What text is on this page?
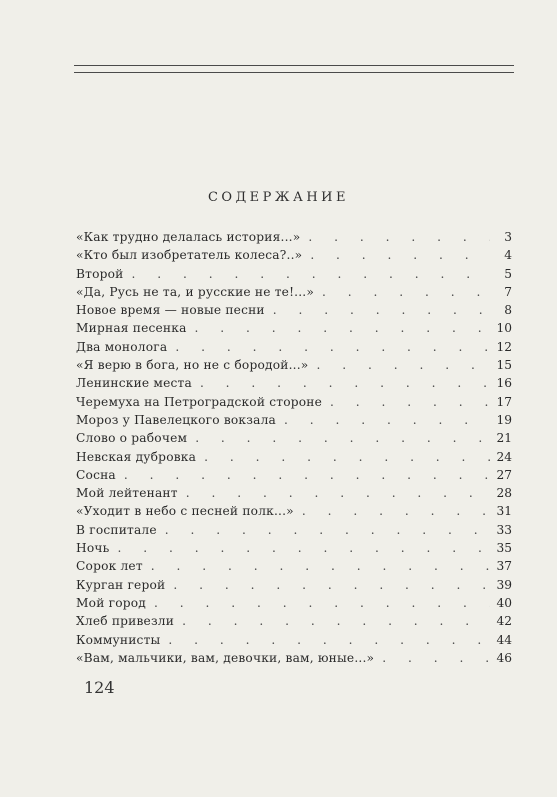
СОДЕРЖАНИЕ
«Как трудно делалась история...» . . .	3
«Кто был изобретатель колеса?..» . . .	4
Второй . . .	5
«Да, Русь не та, и русские не те!...» . . .	7
Новое время — новые песни . . .	8
Мирная песенка . . .	10
Два монолога . . .	12
«Я верю в бога, но не с бородой...» . . .	15
Ленинские места . . .	16
Черемуха на Петроградской стороне . . .	17
Мороз у Павелецкого вокзала . . .	19
Слово о рабочем . . .	21
Невская дубровка . . .	24
Сосна . . .	27
Мой лейтенант . . .	28
«Уходит в небо с песней полк...» . . .	31
В госпитале . . .	33
Ночь . . .	35
Сорок лет . . .	37
Курган герой . . .	39
Мой город . . .	40
Хлеб привезли . . .	42
Коммунисты . . .	44
«Вам, мальчики, вам, девочки, вам, юные...» . . .	46
124
